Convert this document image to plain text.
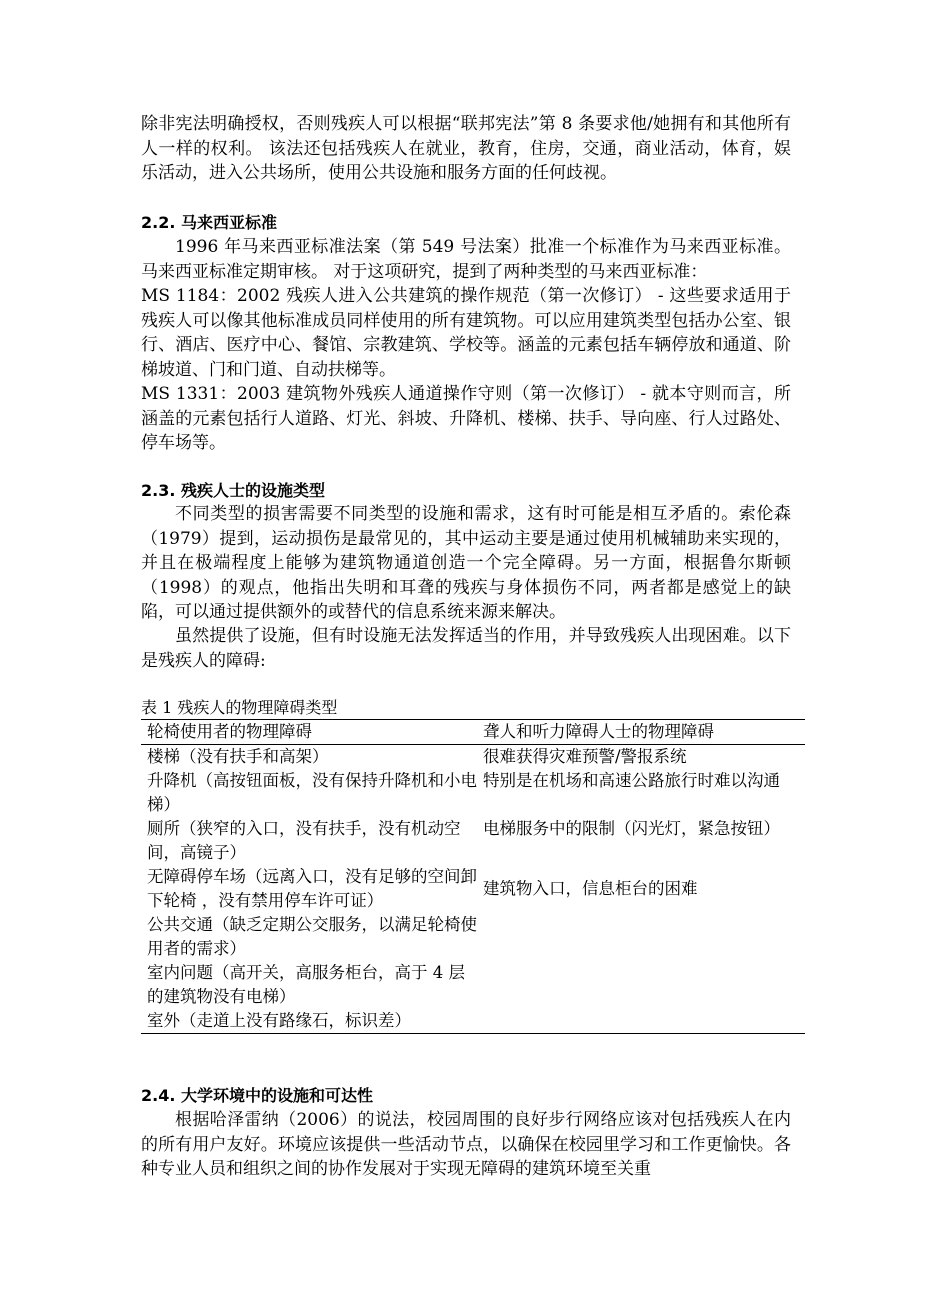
除非宪法明确授权，否则残疾人可以根据“联邦宪法”第 8 条要求他/她拥有和其他所有人一样的权利。 该法还包括残疾人在就业，教育，住房，交通，商业活动，体育，娱乐活动，进入公共场所，使用公共设施和服务方面的任何歧视。
2.2. 马来西亚标准
1996 年马来西亚标准法案（第 549 号法案）批准一个标准作为马来西亚标准。马来西亚标准定期审核。 对于这项研究，提到了两种类型的马来西亚标准：
MS 1184：2002 残疾人进入公共建筑的操作规范（第一次修订） - 这些要求适用于残疾人可以像其他标准成员同样使用的所有建筑物。可以应用建筑类型包括办公室、银行、酒店、医疗中心、餐馆、宗教建筑、学校等。涵盖的元素包括车辆停放和通道、阶梯坡道、门和门道、自动扶梯等。
MS 1331：2003 建筑物外残疾人通道操作守则（第一次修订） - 就本守则而言，所涵盖的元素包括行人道路、灯光、斜坡、升降机、楼梯、扶手、导向座、行人过路处、停车场等。
2.3. 残疾人士的设施类型
不同类型的损害需要不同类型的设施和需求，这有时可能是相互矛盾的。索伦森（1979）提到，运动损伤是最常见的，其中运动主要是通过使用机械辅助来实现的，并且在极端程度上能够为建筑物通道创造一个完全障碍。另一方面，根据鲁尔斯顿（1998）的观点，他指出失明和耳聋的残疾与身体损伤不同，两者都是感觉上的缺陷，可以通过提供额外的或替代的信息系统来源来解决。
虽然提供了设施，但有时设施无法发挥适当的作用，并导致残疾人出现困难。以下是残疾人的障碍:
表 1 残疾人的物理障碍类型
轮椅使用者的物理障碍	聋人和听力障碍人士的物理障碍
楼梯（没有扶手和高架）	很难获得灾难预警/警报系统
升降机（高按钮面板，没有保持升降机和小电梯）	特别是在机场和高速公路旅行时难以沟通
厕所（狭窄的入口，没有扶手，没有机动空间，高镜子）	电梯服务中的限制（闪光灯，紧急按钮）
无障碍停车场（远离入口，没有足够的空间卸下轮椅 ，没有禁用停车许可证）	建筑物入口，信息柜台的困难
公共交通（缺乏定期公交服务，以满足轮椅使用者的需求）	
室内问题（高开关，高服务柜台，高于 4 层的建筑物没有电梯）	
室外（走道上没有路缘石，标识差）	
2.4. 大学环境中的设施和可达性
根据哈泽雷纳（2006）的说法，校园周围的良好步行网络应该对包括残疾人在内的所有用户友好。环境应该提供一些活动节点，以确保在校园里学习和工作更愉快。各种专业人员和组织之间的协作发展对于实现无障碍的建筑环境至关重
